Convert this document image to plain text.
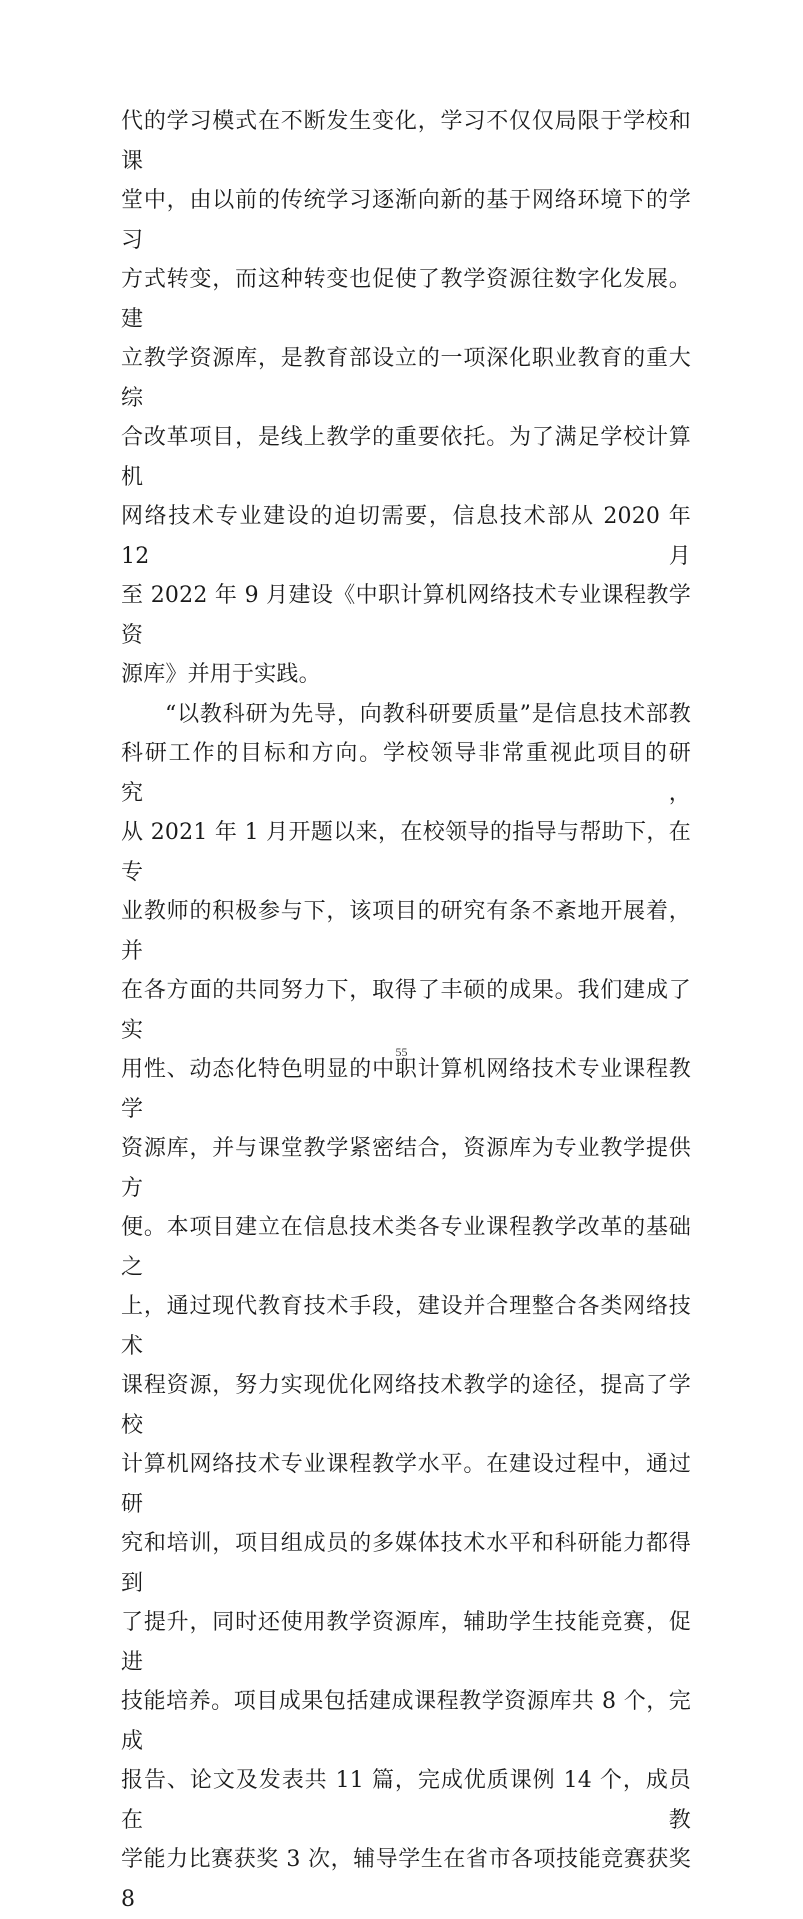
代的学习模式在不断发生变化，学习不仅仅局限于学校和课

堂中，由以前的传统学习逐渐向新的基于网络环境下的学习

方式转变，而这种转变也促使了教学资源往数字化发展。建

立教学资源库，是教育部设立的一项深化职业教育的重大综

合改革项目，是线上教学的重要依托。为了满足学校计算机

网络技术专业建设的迫切需要，信息技术部从 2020 年 12 月

至 2022 年 9 月建设《中职计算机网络技术专业课程教学资

源库》并用于实践。

“以教科研为先导，向教科研要质量”是信息技术部教

科研工作的目标和方向。学校领导非常重视此项目的研究，

从 2021 年 1 月开题以来，在校领导的指导与帮助下，在专

业教师的积极参与下，该项目的研究有条不紊地开展着，并

在各方面的共同努力下，取得了丰硕的成果。我们建成了实

用性、动态化特色明显的中职计算机网络技术专业课程教学

资源库，并与课堂教学紧密结合，资源库为专业教学提供方

便。本项目建立在信息技术类各专业课程教学改革的基础之

上，通过现代教育技术手段，建设并合理整合各类网络技术

课程资源，努力实现优化网络技术教学的途径，提高了学校

计算机网络技术专业课程教学水平。在建设过程中，通过研

究和培训，项目组成员的多媒体技术水平和科研能力都得到

了提升，同时还使用教学资源库，辅助学生技能竞赛，促进

技能培养。项目成果包括建成课程教学资源库共 8 个，完成

报告、论文及发表共 11 篇，完成优质课例 14 个，成员在教

学能力比赛获奖 3 次，辅导学生在省市各项技能竞赛获奖 8

55
